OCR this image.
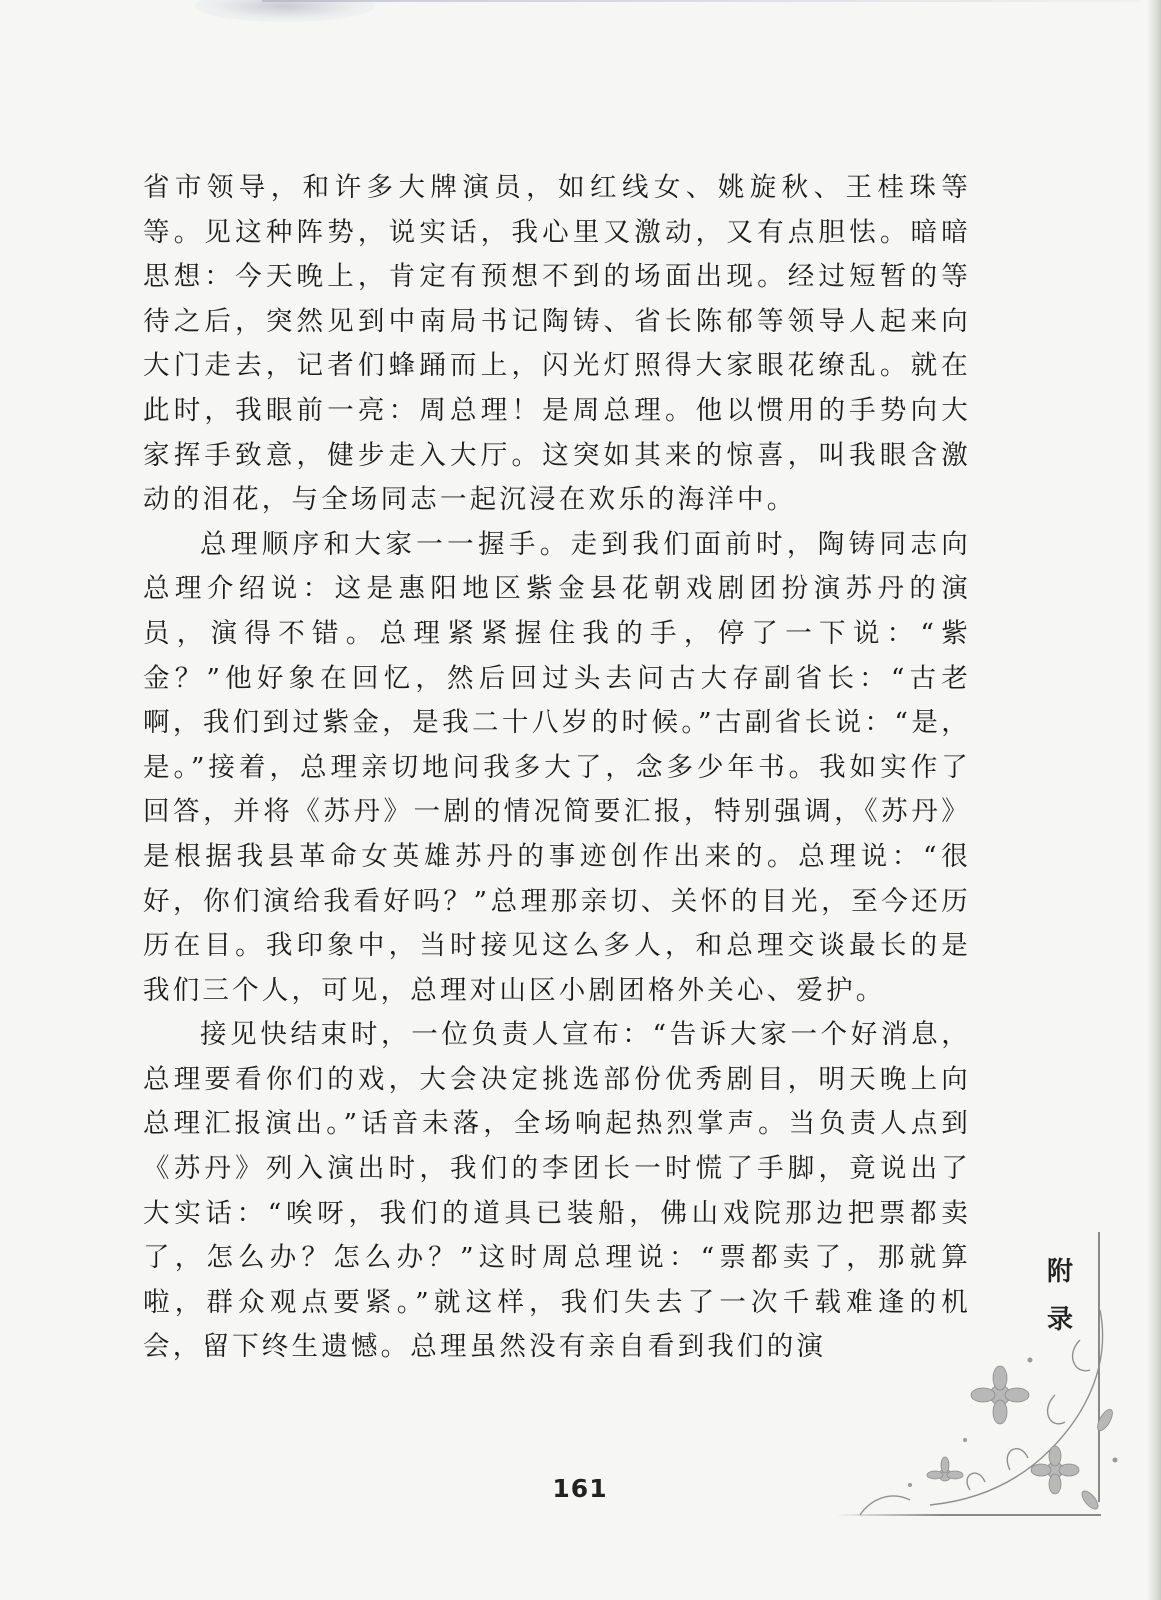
省市领导，和许多大牌演员，如红线女、姚旋秋、王桂珠等等。见这种阵势，说实话，我心里又激动，又有点胆怯。暗暗思想：今天晚上，肯定有预想不到的场面出现。经过短暂的等待之后，突然见到中南局书记陶铸、省长陈郁等领导人起来向大门走去，记者们蜂踊而上，闪光灯照得大家眼花缭乱。就在此时，我眼前一亮：周总理！是周总理。他以惯用的手势向大家挥手致意，健步走入大厅。这突如其来的惊喜，叫我眼含激动的泪花，与全场同志一起沉浸在欢乐的海洋中。

总理顺序和大家一一握手。走到我们面前时，陶铸同志向总理介绍说：这是惠阳地区紫金县花朝戏剧团扮演苏丹的演员，演得不错。总理紧紧握住我的手，停了一下说：“紫金？”他好象在回忆，然后回过头去问古大存副省长：“古老啊，我们到过紫金，是我二十八岁的时候。”古副省长说：“是，是。”接着，总理亲切地问我多大了，念多少年书。我如实作了回答，并将《苏丹》一剧的情况简要汇报，特别强调，《苏丹》是根据我县革命女英雄苏丹的事迹创作出来的。总理说：“很好，你们演给我看好吗？”总理那亲切、关怀的目光，至今还历历在目。我印象中，当时接见这么多人，和总理交谈最长的是我们三个人，可见，总理对山区小剧团格外关心、爱护。

接见快结束时，一位负责人宣布：“告诉大家一个好消息，总理要看你们的戏，大会决定挑选部份优秀剧目，明天晚上向总理汇报演出。”话音未落，全场响起热烈掌声。当负责人点到《苏丹》列入演出时，我们的李团长一时慌了手脚，竟说出了大实话：“唉呀，我们的道具已装船，佛山戏院那边把票都卖了，怎么办？怎么办？”这时周总理说：“票都卖了，那就算啦，群众观点要紧。”就这样，我们失去了一次千载难逢的机会，留下终生遗憾。总理虽然没有亲自看到我们的演

附
录
161
